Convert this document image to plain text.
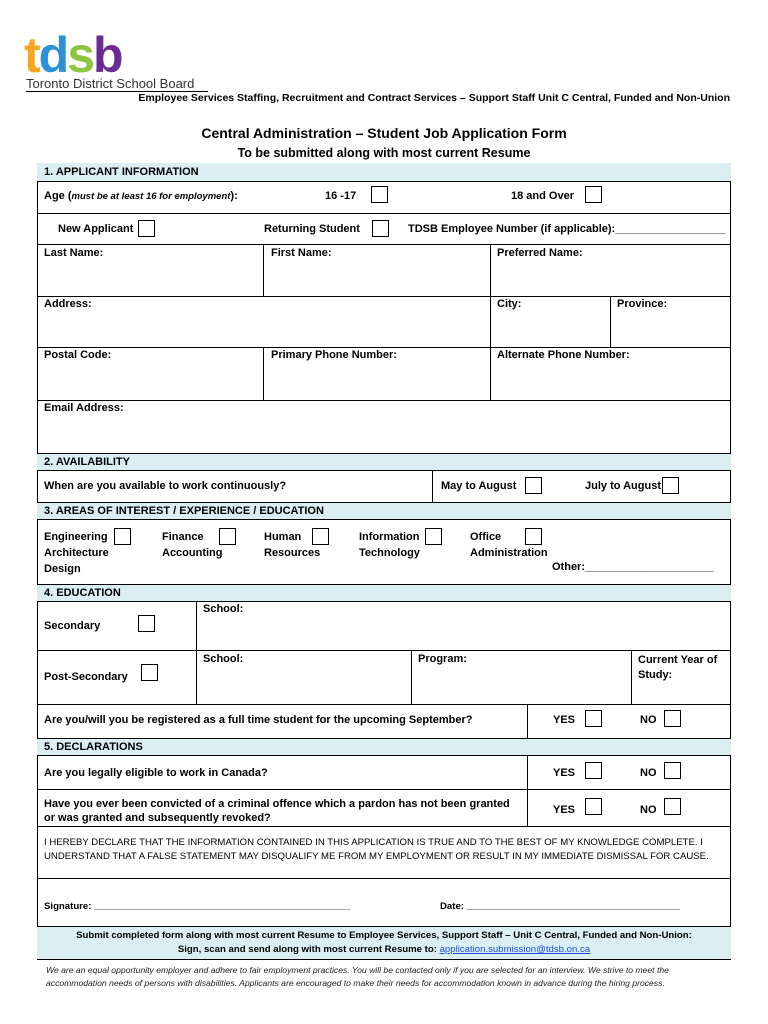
tdsb
Toronto District School Board
Employee Services Staffing, Recruitment and Contract Services – Support Staff Unit C Central, Funded and Non-Union
Central Administration – Student Job Application Form
To be submitted along with most current Resume
1. APPLICANT INFORMATION
Age (must be at least 16 for employment):	16 -17	18 and Over
New Applicant	Returning Student	TDSB Employee Number (if applicable):__________________
Last Name:	First Name:	Preferred Name:
Address:	City:	Province:
Postal Code:	Primary Phone Number:	Alternate Phone Number:
Email Address:
2. AVAILABILITY
When are you available to work continuously?	May to August	July to August
3. AREAS OF INTEREST / EXPERIENCE / EDUCATION
Engineering
Architecture
Design
Finance
Accounting
Human
Resources
Information
Technology
Office
Administration
Other:_____________________
4. EDUCATION
Secondary
School:
Post-Secondary
School:	Program:	Current Year of
Study:
Are you/will you be registered as a full time student for the upcoming September?	YES	NO
5. DECLARATIONS
Are you legally eligible to work in Canada?	YES	NO
Have you ever been convicted of a criminal offence which a pardon has not been granted
or was granted and subsequently revoked?
YES	NO
I HEREBY DECLARE THAT THE INFORMATION CONTAINED IN THIS APPLICATION IS TRUE AND TO THE BEST OF MY KNOWLEDGE COMPLETE. I
UNDERSTAND THAT A FALSE STATEMENT MAY DISQUALIFY ME FROM MY EMPLOYMENT OR RESULT IN MY IMMEDIATE DISMISSAL FOR CAUSE.
Signature: ________________________________________________	Date: ________________________________________
Submit completed form along with most current Resume to Employee Services, Support Staff – Unit C Central, Funded and Non-Union:
Sign, scan and send along with most current Resume to: application.submission@tdsb.on.ca
We are an equal opportunity employer and adhere to fair employment practices. You will be contacted only if you are selected for an interview. We strive to meet the
accommodation needs of persons with disabilities. Applicants are encouraged to make their needs for accommodation known in advance during the hiring process.
